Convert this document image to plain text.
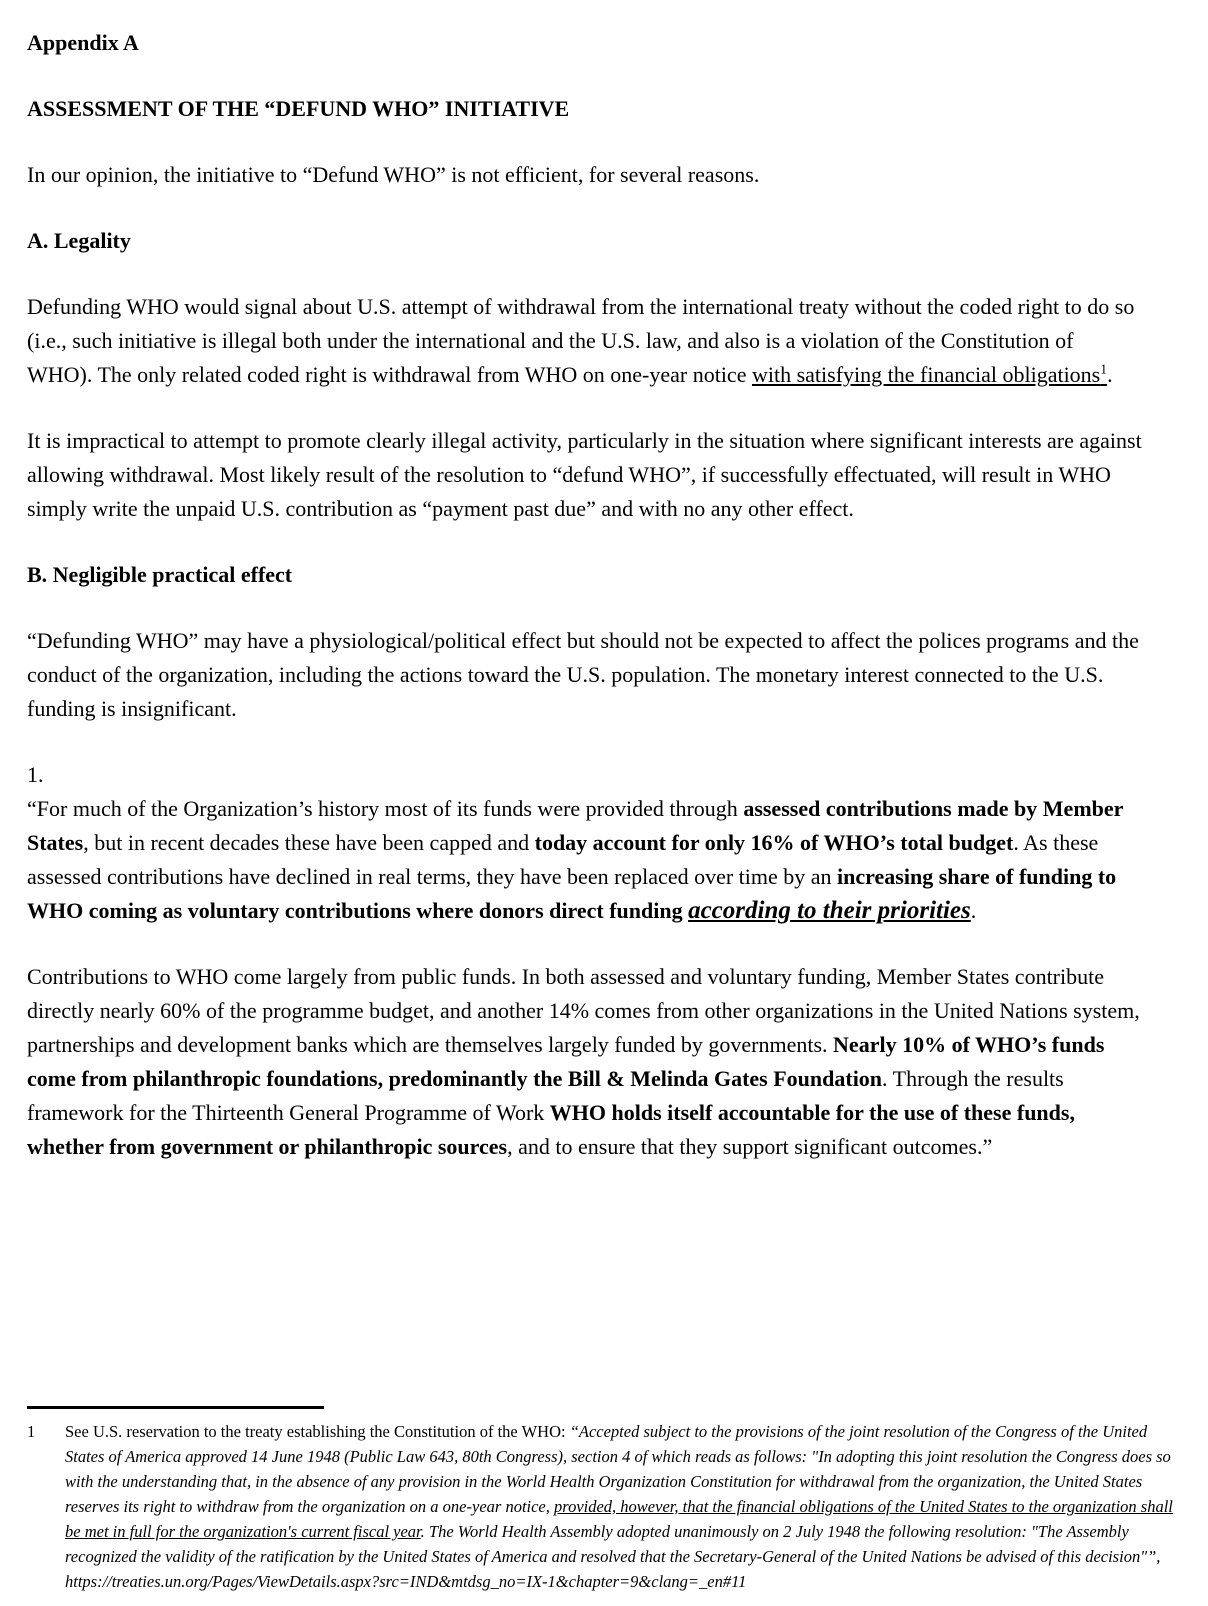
Appendix A

ASSESSMENT OF THE “DEFUND WHO” INITIATIVE

In our opinion, the initiative to “Defund WHO” is not efficient, for several reasons.

A. Legality

Defunding WHO would signal about U.S. attempt of withdrawal from the international treaty without the coded right to do so (i.e., such initiative is illegal both under the international and the U.S. law, and also is a violation of the Constitution of WHO). The only related coded right is withdrawal from WHO on one-year notice with satisfying the financial obligations$^1$.

It is impractical to attempt to promote clearly illegal activity, particularly in the situation where significant interests are against allowing withdrawal. Most likely result of the resolution to “defund WHO”, if successfully effectuated, will result in WHO simply write the unpaid U.S. contribution as “payment past due” and with no any other effect.

B. Negligible practical effect

“Defunding WHO” may have a physiological/political effect but should not be expected to affect the polices programs and the conduct of the organization, including the actions toward the U.S. population. The monetary interest connected to the U.S. funding is insignificant.

1.

“For much of the Organization’s history most of its funds were provided through assessed contributions made by Member States, but in recent decades these have been capped and today account for only 16% of WHO’s total budget. As these assessed contributions have declined in real terms, they have been replaced over time by an increasing share of funding to WHO coming as voluntary contributions where donors direct funding according to their priorities.

Contributions to WHO come largely from public funds. In both assessed and voluntary funding, Member States contribute directly nearly 60% of the programme budget, and another 14% comes from other organizations in the United Nations system, partnerships and development banks which are themselves largely funded by governments. Nearly 10% of WHO’s funds come from philanthropic foundations, predominantly the Bill & Melinda Gates Foundation. Through the results framework for the Thirteenth General Programme of Work WHO holds itself accountable for the use of these funds, whether from government or philanthropic sources, and to ensure that they support significant outcomes.”

1	See U.S. reservation to the treaty establishing the Constitution of the WHO: “Accepted subject to the provisions of the joint resolution of the Congress of the United States of America approved 14 June 1948 (Public Law 643, 80th Congress), section 4 of which reads as follows: "In adopting this joint resolution the Congress does so with the understanding that, in the absence of any provision in the World Health Organization Constitution for withdrawal from the organization, the United States reserves its right to withdraw from the organization on a one-year notice, provided, however, that the financial obligations of the United States to the organization shall be met in full for the organization's current fiscal year. The World Health Assembly adopted unanimously on 2 July 1948 the following resolution: "The Assembly recognized the validity of the ratification by the United States of America and resolved that the Secretary-General of the United Nations be advised of this decision"”, https://treaties.un.org/Pages/ViewDetails.aspx?src=IND&mtdsg_no=IX-1&chapter=9&clang=_en#11
